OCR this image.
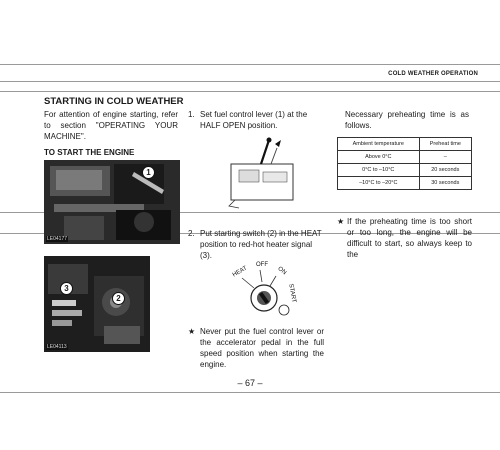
COLD WEATHER OPERATION
STARTING IN COLD WEATHER
For attention of engine starting, refer to section "OPERATING YOUR MACHINE".
TO START THE ENGINE
LE04177
1
LE04113
3
2
1. Set fuel control lever (1) at the HALF OPEN position.
2. Put starting switch (2) in the HEAT position to red-hot heater signal (3).
HEAT
OFF
ON
START
★ Never put the fuel control lever or the accelerator pedal in the full speed position when starting the engine.
Necessary preheating time is as follows.
Ambient temperature	Preheat time
Above 0°C	–
0°C to –10°C	20 seconds
–10°C to –20°C	30 seconds
★ If the preheating time is too short or too long, the engine will be difficult to start, so always keep to the
– 67 –
